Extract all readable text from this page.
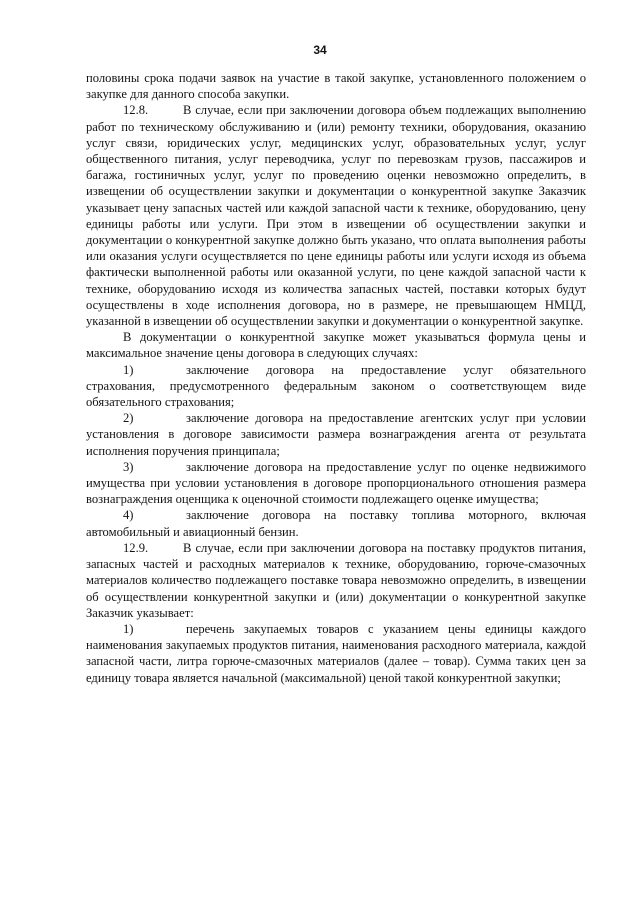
34

половины срока подачи заявок на участие в такой закупке, установленного положением о закупке для данного способа закупки.

12.8.	В случае, если при заключении договора объем подлежащих выполнению работ по техническому обслуживанию и (или) ремонту техники, оборудования, оказанию услуг связи, юридических услуг, медицинских услуг, образовательных услуг, услуг общественного питания, услуг переводчика, услуг по перевозкам грузов, пассажиров и багажа, гостиничных услуг, услуг по проведению оценки невозможно определить, в извещении об осуществлении закупки и документации о конкурентной закупке Заказчик указывает цену запасных частей или каждой запасной части к технике, оборудованию, цену единицы работы или услуги. При этом в извещении об осуществлении закупки и документации о конкурентной закупке должно быть указано, что оплата выполнения работы или оказания услуги осуществляется по цене единицы работы или услуги исходя из объема фактически выполненной работы или оказанной услуги, по цене каждой запасной части к технике, оборудованию исходя из количества запасных частей, поставки которых будут осуществлены в ходе исполнения договора, но в размере, не превышающем НМЦД, указанной в извещении об осуществлении закупки и документации о конкурентной закупке.

В документации о конкурентной закупке может указываться формула цены и максимальное значение цены договора в следующих случаях:

1)	заключение договора на предоставление услуг обязательного страхования, предусмотренного федеральным законом о соответствующем виде обязательного страхования;

2)	заключение договора на предоставление агентских услуг при условии установления в договоре зависимости размера вознаграждения агента от результата исполнения поручения принципала;

3)	заключение договора на предоставление услуг по оценке недвижимого имущества при условии установления в договоре пропорционального отношения размера вознаграждения оценщика к оценочной стоимости подлежащего оценке имущества;

4)	заключение договора на поставку топлива моторного, включая автомобильный и авиационный бензин.

12.9.	В случае, если при заключении договора на поставку продуктов питания, запасных частей и расходных материалов к технике, оборудованию, горюче-смазочных материалов количество подлежащего поставке товара невозможно определить, в извещении об осуществлении конкурентной закупки и (или) документации о конкурентной закупке Заказчик указывает:

1)	перечень закупаемых товаров с указанием цены единицы каждого наименования закупаемых продуктов питания, наименования расходного материала, каждой запасной части, литра горюче-смазочных материалов (далее – товар). Сумма таких цен за единицу товара является начальной (максимальной) ценой такой конкурентной закупки;
